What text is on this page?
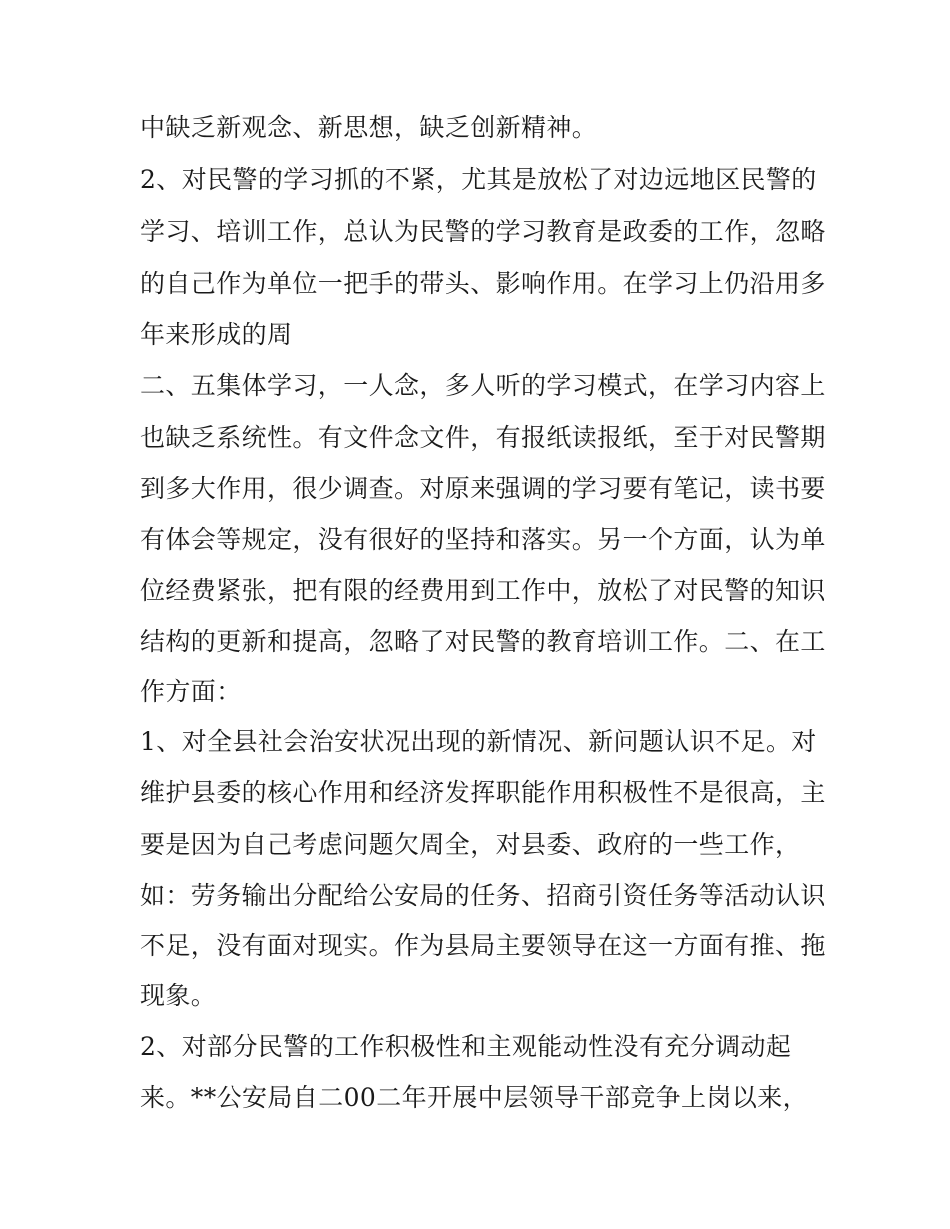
中缺乏新观念、新思想，缺乏创新精神。
2、对民警的学习抓的不紧，尤其是放松了对边远地区民警的
学习、培训工作，总认为民警的学习教育是政委的工作，忽略
的自己作为单位一把手的带头、影响作用。在学习上仍沿用多
年来形成的周
二、五集体学习，一人念，多人听的学习模式，在学习内容上
也缺乏系统性。有文件念文件，有报纸读报纸，至于对民警期
到多大作用，很少调查。对原来强调的学习要有笔记，读书要
有体会等规定，没有很好的坚持和落实。另一个方面，认为单
位经费紧张，把有限的经费用到工作中，放松了对民警的知识
结构的更新和提高，忽略了对民警的教育培训工作。二、在工
作方面：
1、对全县社会治安状况出现的新情况、新问题认识不足。对
维护县委的核心作用和经济发挥职能作用积极性不是很高，主
要是因为自己考虑问题欠周全，对县委、政府的一些工作，
如：劳务输出分配给公安局的任务、招商引资任务等活动认识
不足，没有面对现实。作为县局主要领导在这一方面有推、拖
现象。
2、对部分民警的工作积极性和主观能动性没有充分调动起
来。**公安局自二00二年开展中层领导干部竞争上岗以来，
